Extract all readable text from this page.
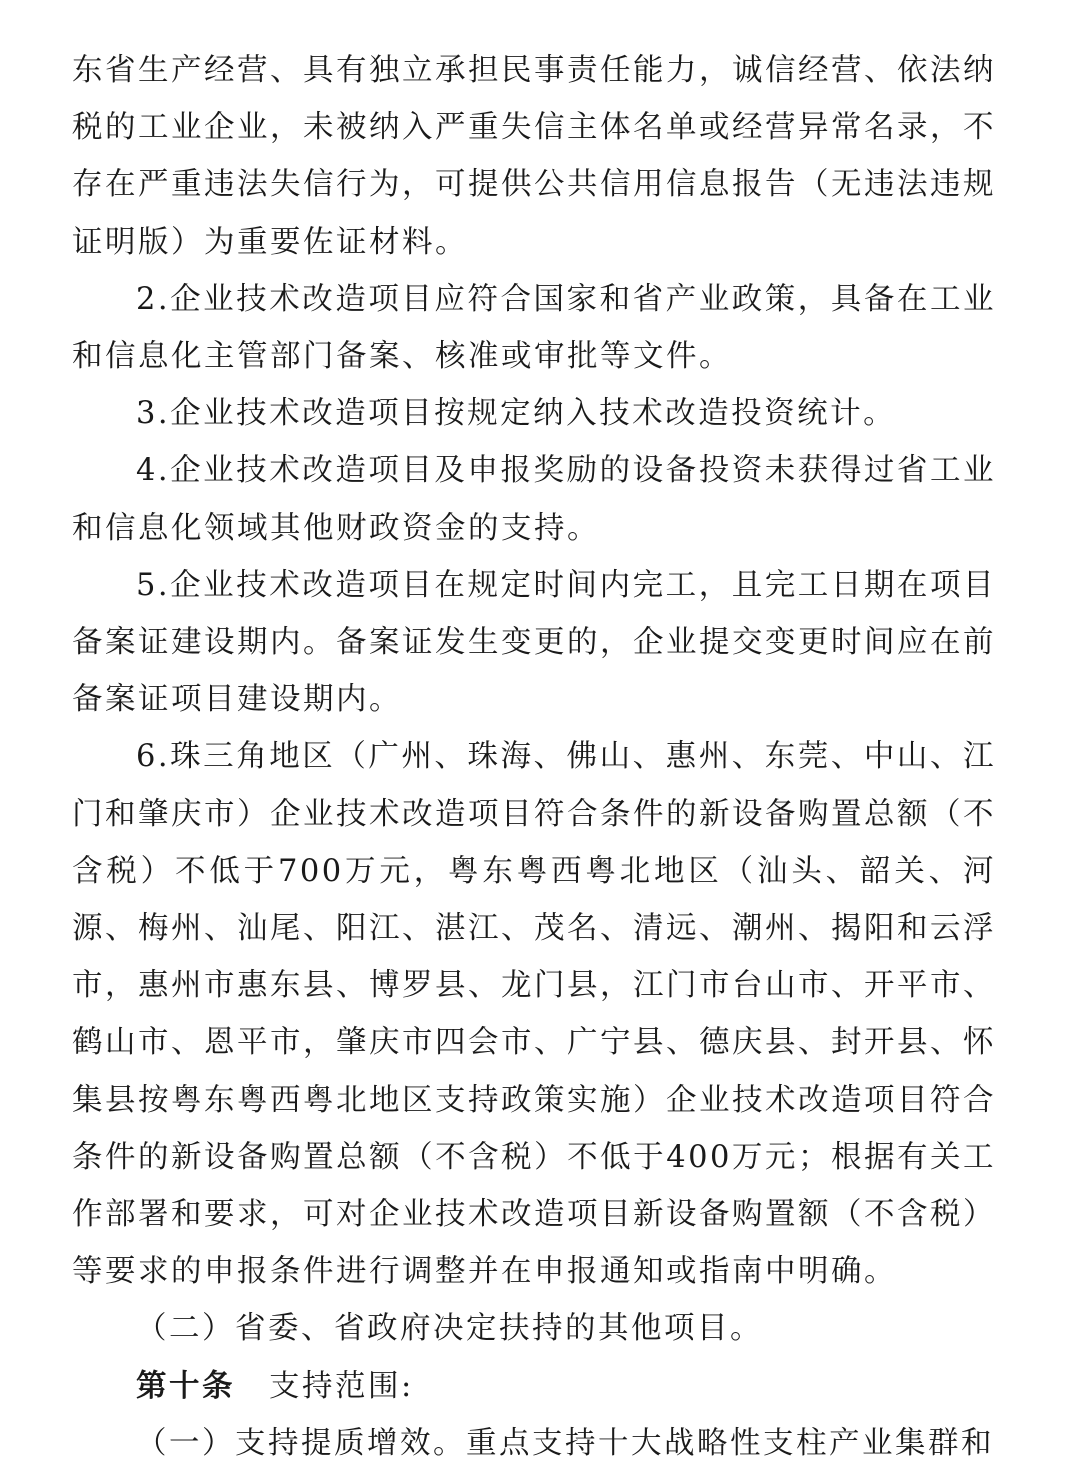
东省生产经营、具有独立承担民事责任能力，诚信经营、依法纳税的工业企业，未被纳入严重失信主体名单或经营异常名录，不存在严重违法失信行为，可提供公共信用信息报告（无违法违规证明版）为重要佐证材料。

2.企业技术改造项目应符合国家和省产业政策，具备在工业和信息化主管部门备案、核准或审批等文件。

3.企业技术改造项目按规定纳入技术改造投资统计。

4.企业技术改造项目及申报奖励的设备投资未获得过省工业和信息化领域其他财政资金的支持。

5.企业技术改造项目在规定时间内完工，且完工日期在项目备案证建设期内。备案证发生变更的，企业提交变更时间应在前备案证项目建设期内。

6.珠三角地区（广州、珠海、佛山、惠州、东莞、中山、江门和肇庆市）企业技术改造项目符合条件的新设备购置总额（不含税）不低于700万元，粤东粤西粤北地区（汕头、韶关、河源、梅州、汕尾、阳江、湛江、茂名、清远、潮州、揭阳和云浮市，惠州市惠东县、博罗县、龙门县，江门市台山市、开平市、鹤山市、恩平市，肇庆市四会市、广宁县、德庆县、封开县、怀集县按粤东粤西粤北地区支持政策实施）企业技术改造项目符合条件的新设备购置总额（不含税）不低于400万元；根据有关工作部署和要求，可对企业技术改造项目新设备购置额（不含税）等要求的申报条件进行调整并在申报通知或指南中明确。

（二）省委、省政府决定扶持的其他项目。

第十条 支持范围:

（一）支持提质增效。重点支持十大战略性支柱产业集群和
